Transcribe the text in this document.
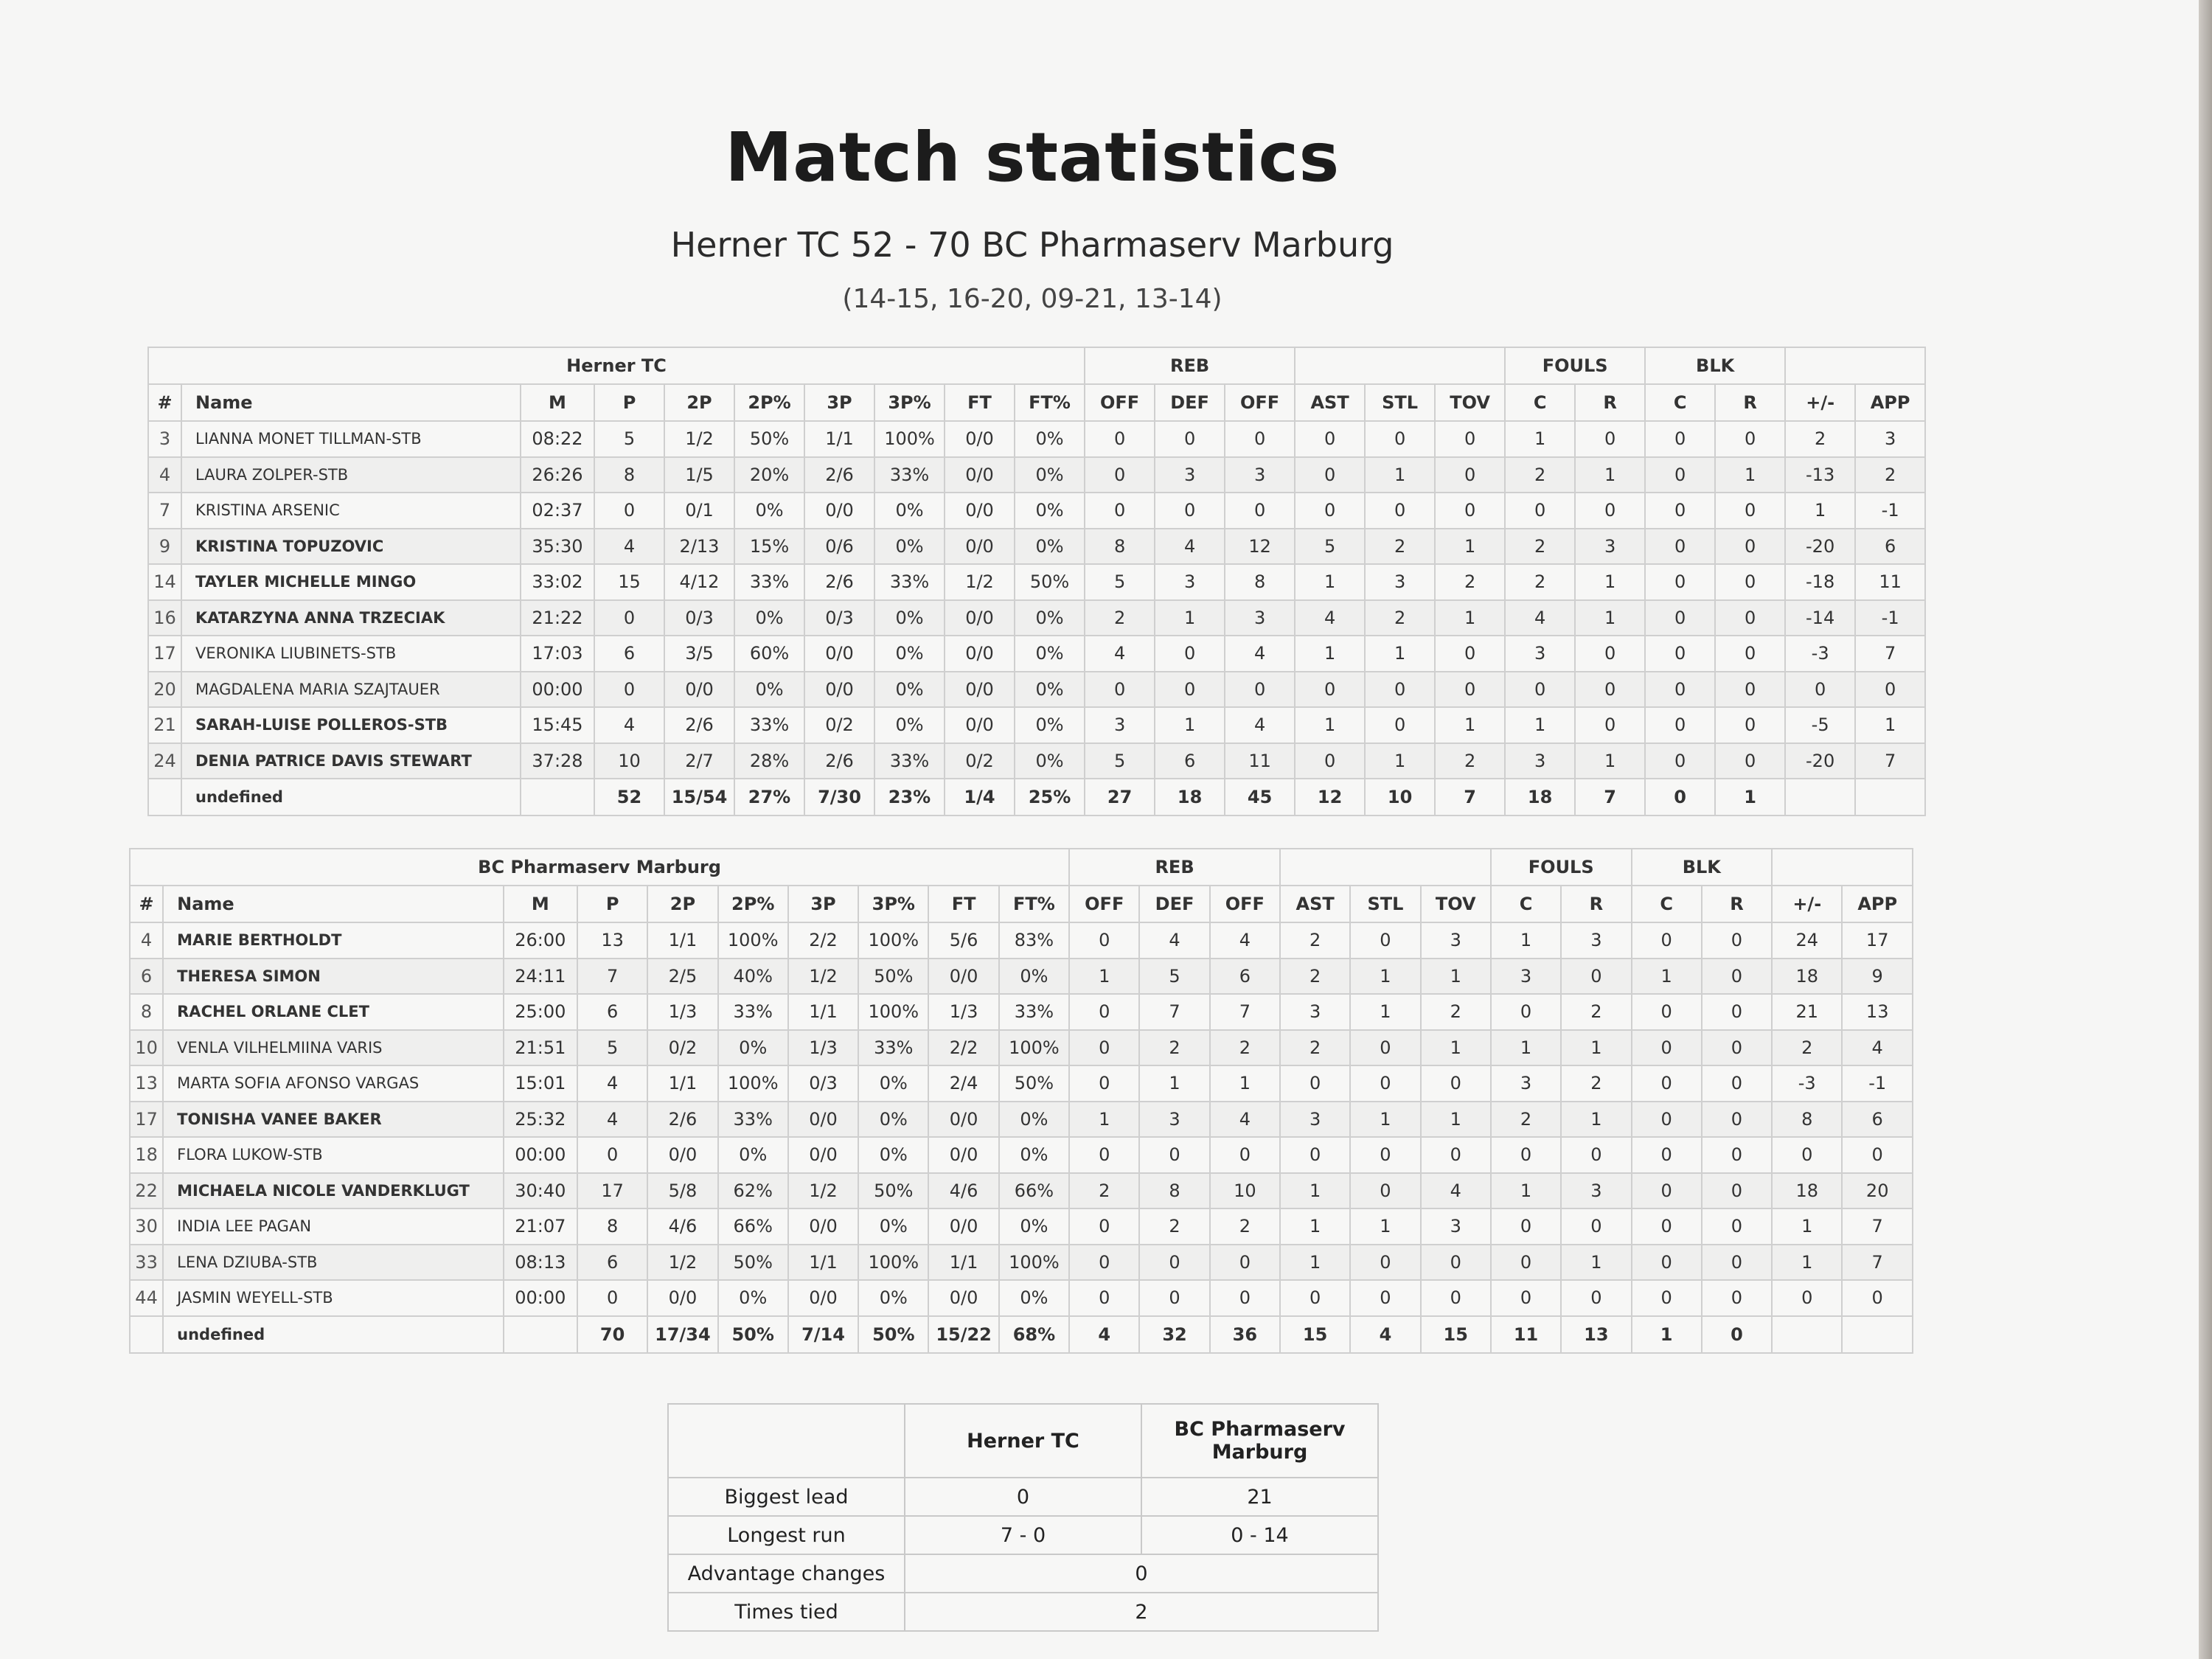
Match statistics
Herner TC 52 - 70 BC Pharmaserv Marburg
(14-15, 16-20, 09-21, 13-14)
Herner TC										REB						FOULS		BLK			
#	Name	M	P	2P	2P%	3P	3P%	FT	FT%	OFF	DEF	OFF	AST	STL	TOV	C	R	C	R	+/-	APP
3	LIANNA MONET TILLMAN-STB	08:22	5	1/2	50%	1/1	100%	0/0	0%	0	0	0	0	0	0	1	0	0	0	2	3
4	LAURA ZOLPER-STB	26:26	8	1/5	20%	2/6	33%	0/0	0%	0	3	3	0	1	0	2	1	0	1	-13	2
7	KRISTINA ARSENIC	02:37	0	0/1	0%	0/0	0%	0/0	0%	0	0	0	0	0	0	0	0	0	0	1	-1
9	KRISTINA TOPUZOVIC	35:30	4	2/13	15%	0/6	0%	0/0	0%	8	4	12	5	2	1	2	3	0	0	-20	6
14	TAYLER MICHELLE MINGO	33:02	15	4/12	33%	2/6	33%	1/2	50%	5	3	8	1	3	2	2	1	0	0	-18	11
16	KATARZYNA ANNA TRZECIAK	21:22	0	0/3	0%	0/3	0%	0/0	0%	2	1	3	4	2	1	4	1	0	0	-14	-1
17	VERONIKA LIUBINETS-STB	17:03	6	3/5	60%	0/0	0%	0/0	0%	4	0	4	1	1	0	3	0	0	0	-3	7
20	MAGDALENA MARIA SZAJTAUER	00:00	0	0/0	0%	0/0	0%	0/0	0%	0	0	0	0	0	0	0	0	0	0	0	0
21	SARAH-LUISE POLLEROS-STB	15:45	4	2/6	33%	0/2	0%	0/0	0%	3	1	4	1	0	1	1	0	0	0	-5	1
24	DENIA PATRICE DAVIS STEWART	37:28	10	2/7	28%	2/6	33%	0/2	0%	5	6	11	0	1	2	3	1	0	0	-20	7
	undefined		52	15/54	27%	7/30	23%	1/4	25%	27	18	45	12	10	7	18	7	0	1		
BC Pharmaserv Marburg										REB						FOULS		BLK			
#	Name	M	P	2P	2P%	3P	3P%	FT	FT%	OFF	DEF	OFF	AST	STL	TOV	C	R	C	R	+/-	APP
4	MARIE BERTHOLDT	26:00	13	1/1	100%	2/2	100%	5/6	83%	0	4	4	2	0	3	1	3	0	0	24	17
6	THERESA SIMON	24:11	7	2/5	40%	1/2	50%	0/0	0%	1	5	6	2	1	1	3	0	1	0	18	9
8	RACHEL ORLANE CLET	25:00	6	1/3	33%	1/1	100%	1/3	33%	0	7	7	3	1	2	0	2	0	0	21	13
10	VENLA VILHELMIINA VARIS	21:51	5	0/2	0%	1/3	33%	2/2	100%	0	2	2	2	0	1	1	1	0	0	2	4
13	MARTA SOFIA AFONSO VARGAS	15:01	4	1/1	100%	0/3	0%	2/4	50%	0	1	1	0	0	0	3	2	0	0	-3	-1
17	TONISHA VANEE BAKER	25:32	4	2/6	33%	0/0	0%	0/0	0%	1	3	4	3	1	1	2	1	0	0	8	6
18	FLORA LUKOW-STB	00:00	0	0/0	0%	0/0	0%	0/0	0%	0	0	0	0	0	0	0	0	0	0	0	0
22	MICHAELA NICOLE VANDERKLUGT	30:40	17	5/8	62%	1/2	50%	4/6	66%	2	8	10	1	0	4	1	3	0	0	18	20
30	INDIA LEE PAGAN	21:07	8	4/6	66%	0/0	0%	0/0	0%	0	2	2	1	1	3	0	0	0	0	1	7
33	LENA DZIUBA-STB	08:13	6	1/2	50%	1/1	100%	1/1	100%	0	0	0	1	0	0	0	1	0	0	1	7
44	JASMIN WEYELL-STB	00:00	0	0/0	0%	0/0	0%	0/0	0%	0	0	0	0	0	0	0	0	0	0	0	0
	undefined		70	17/34	50%	7/14	50%	15/22	68%	4	32	36	15	4	15	11	13	1	0		
	Herner TC	BC Pharmaserv
Marburg
Biggest lead	0	21
Longest run	7 - 0	0 - 14
Advantage changes	0	
Times tied	2	
